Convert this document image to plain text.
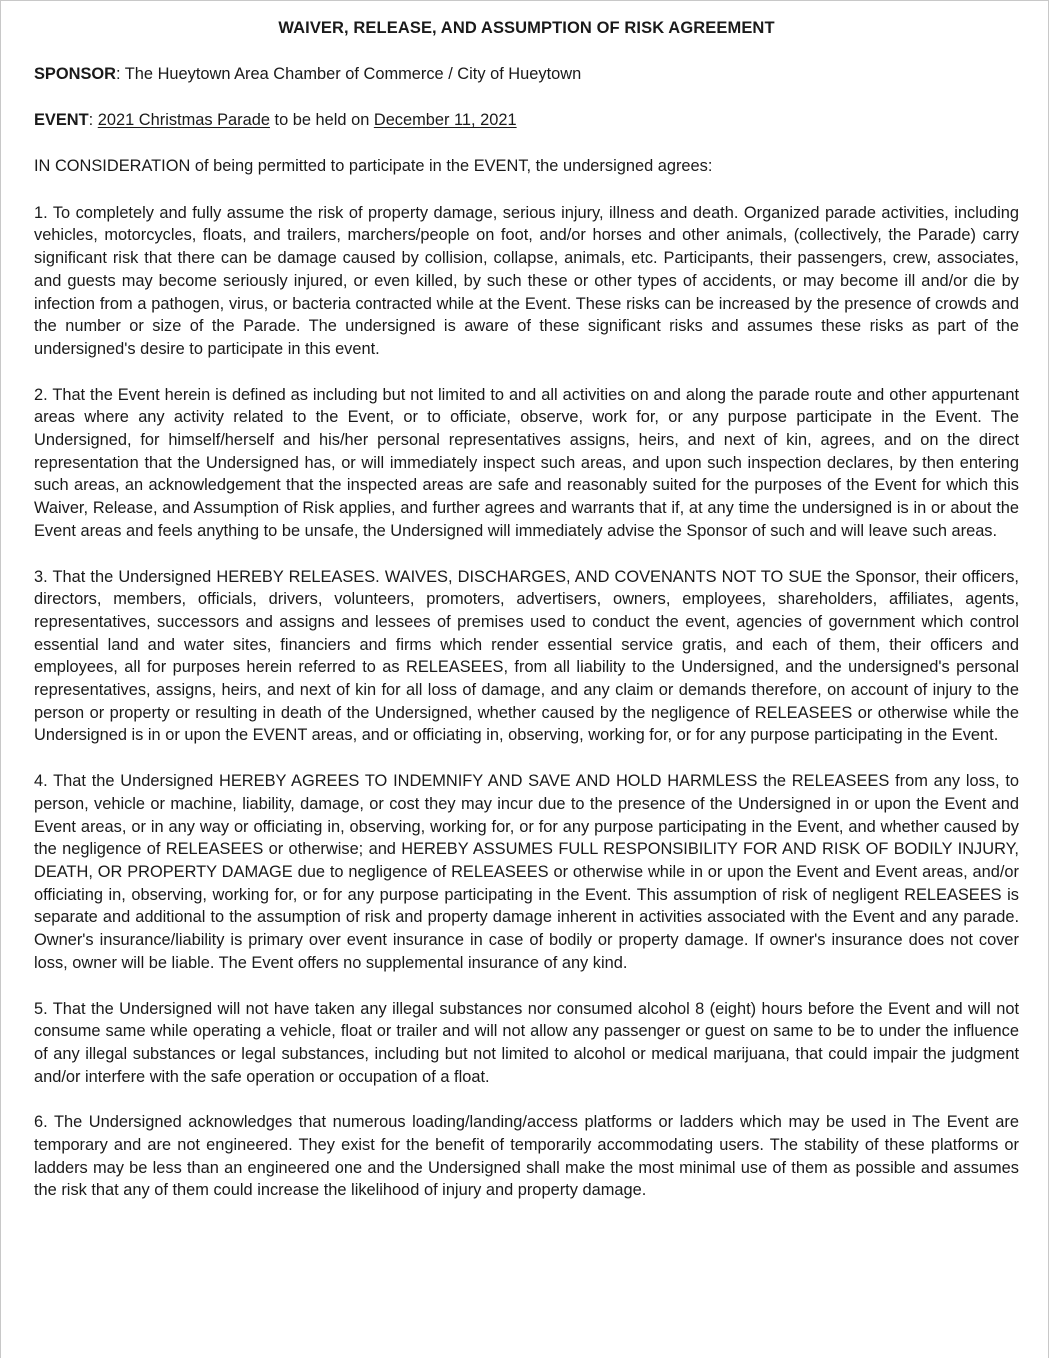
WAIVER, RELEASE, AND ASSUMPTION OF RISK AGREEMENT
SPONSOR: The Hueytown Area Chamber of Commerce / City of Hueytown
EVENT: 2021 Christmas Parade to be held on December 11, 2021
IN CONSIDERATION of being permitted to participate in the EVENT, the undersigned agrees:
1. To completely and fully assume the risk of property damage, serious injury, illness and death. Organized parade activities, including vehicles, motorcycles, floats, and trailers, marchers/people on foot, and/or horses and other animals, (collectively, the Parade) carry significant risk that there can be damage caused by collision, collapse, animals, etc. Participants, their passengers, crew, associates, and guests may become seriously injured, or even killed, by such these or other types of accidents, or may become ill and/or die by infection from a pathogen, virus, or bacteria contracted while at the Event. These risks can be increased by the presence of crowds and the number or size of the Parade. The undersigned is aware of these significant risks and assumes these risks as part of the undersigned's desire to participate in this event.
2. That the Event herein is defined as including but not limited to and all activities on and along the parade route and other appurtenant areas where any activity related to the Event, or to officiate, observe, work for, or any purpose participate in the Event. The Undersigned, for himself/herself and his/her personal representatives assigns, heirs, and next of kin, agrees, and on the direct representation that the Undersigned has, or will immediately inspect such areas, and upon such inspection declares, by then entering such areas, an acknowledgement that the inspected areas are safe and reasonably suited for the purposes of the Event for which this Waiver, Release, and Assumption of Risk applies, and further agrees and warrants that if, at any time the undersigned is in or about the Event areas and feels anything to be unsafe, the Undersigned will immediately advise the Sponsor of such and will leave such areas.
3. That the Undersigned HEREBY RELEASES. WAIVES, DISCHARGES, AND COVENANTS NOT TO SUE the Sponsor, their officers, directors, members, officials, drivers, volunteers, promoters, advertisers, owners, employees, shareholders, affiliates, agents, representatives, successors and assigns and lessees of premises used to conduct the event, agencies of government which control essential land and water sites, financiers and firms which render essential service gratis, and each of them, their officers and employees, all for purposes herein referred to as RELEASEES, from all liability to the Undersigned, and the undersigned's personal representatives, assigns, heirs, and next of kin for all loss of damage, and any claim or demands therefore, on account of injury to the person or property or resulting in death of the Undersigned, whether caused by the negligence of RELEASEES or otherwise while the Undersigned is in or upon the EVENT areas, and or officiating in, observing, working for, or for any purpose participating in the Event.
4. That the Undersigned HEREBY AGREES TO INDEMNIFY AND SAVE AND HOLD HARMLESS the RELEASEES from any loss, to person, vehicle or machine, liability, damage, or cost they may incur due to the presence of the Undersigned in or upon the Event and Event areas, or in any way or officiating in, observing, working for, or for any purpose participating in the Event, and whether caused by the negligence of RELEASEES or otherwise; and HEREBY ASSUMES FULL RESPONSIBILITY FOR AND RISK OF BODILY INJURY, DEATH, OR PROPERTY DAMAGE due to negligence of RELEASEES or otherwise while in or upon the Event and Event areas, and/or officiating in, observing, working for, or for any purpose participating in the Event. This assumption of risk of negligent RELEASEES is separate and additional to the assumption of risk and property damage inherent in activities associated with the Event and any parade. Owner's insurance/liability is primary over event insurance in case of bodily or property damage. If owner's insurance does not cover loss, owner will be liable. The Event offers no supplemental insurance of any kind.
5. That the Undersigned will not have taken any illegal substances nor consumed alcohol 8 (eight) hours before the Event and will not consume same while operating a vehicle, float or trailer and will not allow any passenger or guest on same to be to under the influence of any illegal substances or legal substances, including but not limited to alcohol or medical marijuana, that could impair the judgment and/or interfere with the safe operation or occupation of a float.
6. The Undersigned acknowledges that numerous loading/landing/access platforms or ladders which may be used in The Event are temporary and are not engineered. They exist for the benefit of temporarily accommodating users. The stability of these platforms or ladders may be less than an engineered one and the Undersigned shall make the most minimal use of them as possible and assumes the risk that any of them could increase the likelihood of injury and property damage.
